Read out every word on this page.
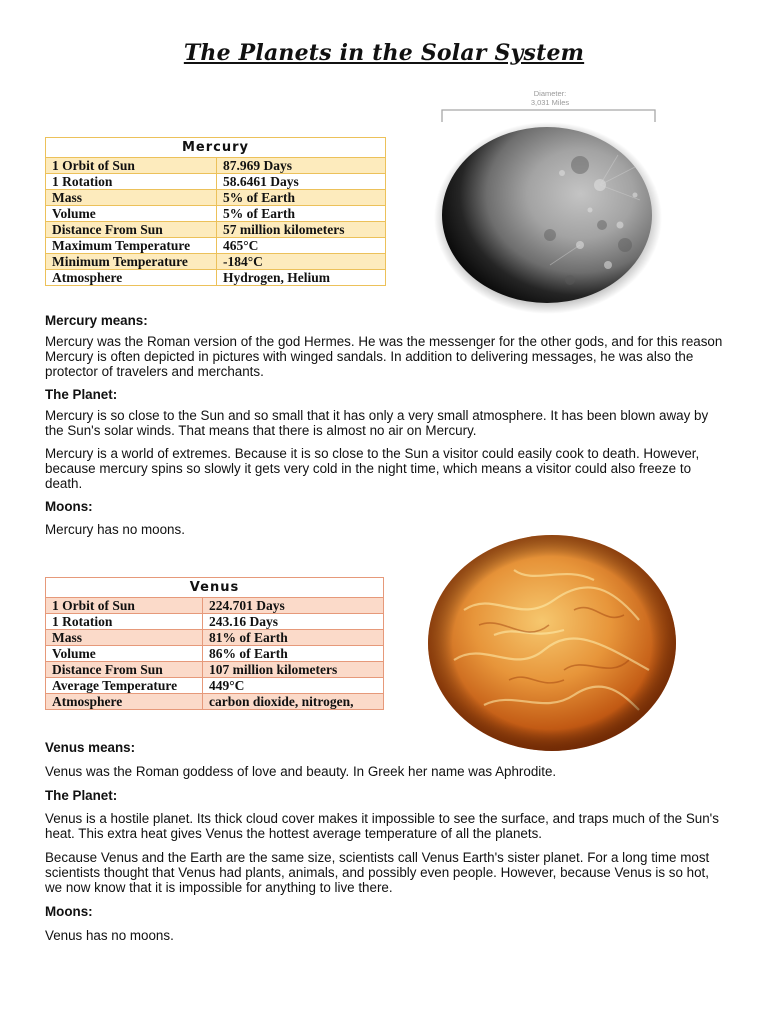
The Planets in the Solar System
Diameter:
3,031 Miles
Mercury	
1 Orbit of Sun	87.969 Days
1 Rotation	58.6461 Days
Mass	5% of Earth
Volume	5% of Earth
Distance From Sun	57 million kilometers
Maximum Temperature	465°C
Minimum Temperature	-184°C
Atmosphere	Hydrogen, Helium

Mercury means:

Mercury was the Roman version of the god Hermes. He was the messenger for the other gods, and for this reason Mercury is often depicted in pictures with winged sandals. In addition to delivering messages, he was also the protector of travelers and merchants.

The Planet:

Mercury is so close to the Sun and so small that it has only a very small atmosphere. It has been blown away by the Sun's solar winds. That means that there is almost no air on Mercury.

Mercury is a world of extremes. Because it is so close to the Sun a visitor could easily cook to death. However, because mercury spins so slowly it gets very cold in the night time, which means a visitor could also freeze to death.

Moons:

Mercury has no moons.

Venus	
1 Orbit of Sun	224.701 Days
1 Rotation	243.16 Days
Mass	81% of Earth
Volume	86% of Earth
Distance From Sun	107 million kilometers
Average Temperature	449°C
Atmosphere	carbon dioxide, nitrogen,

Venus means:

Venus was the Roman goddess of love and beauty. In Greek her name was Aphrodite.

The Planet:

Venus is a hostile planet. Its thick cloud cover makes it impossible to see the surface, and traps much of the Sun's heat. This extra heat gives Venus the hottest average temperature of all the planets.

Because Venus and the Earth are the same size, scientists call Venus Earth's sister planet. For a long time most scientists thought that Venus had plants, animals, and possibly even people. However, because Venus is so hot, we now know that it is impossible for anything to live there.

Moons:

Venus has no moons.
